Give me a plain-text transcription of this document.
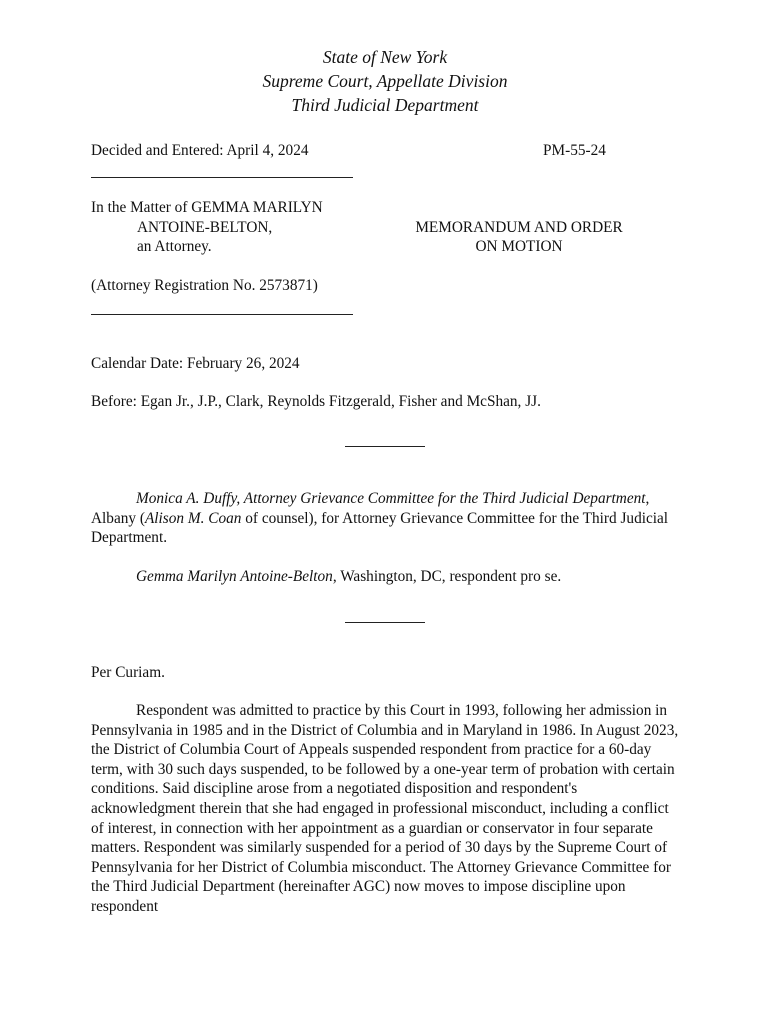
State of New York
Supreme Court, Appellate Division
Third Judicial Department
Decided and Entered: April 4, 2024	PM-55-24
In the Matter of GEMMA MARILYN
ANTOINE-BELTON,
an Attorney.
(Attorney Registration No. 2573871)
MEMORANDUM AND ORDER
ON MOTION
Calendar Date: February 26, 2024
Before: Egan Jr., J.P., Clark, Reynolds Fitzgerald, Fisher and McShan, JJ.
Monica A. Duffy, Attorney Grievance Committee for the Third Judicial Department, Albany (Alison M. Coan of counsel), for Attorney Grievance Committee for the Third Judicial Department.
Gemma Marilyn Antoine-Belton, Washington, DC, respondent pro se.
Per Curiam.
Respondent was admitted to practice by this Court in 1993, following her admission in Pennsylvania in 1985 and in the District of Columbia and in Maryland in 1986. In August 2023, the District of Columbia Court of Appeals suspended respondent from practice for a 60-day term, with 30 such days suspended, to be followed by a one-year term of probation with certain conditions. Said discipline arose from a negotiated disposition and respondent's acknowledgment therein that she had engaged in professional misconduct, including a conflict of interest, in connection with her appointment as a guardian or conservator in four separate matters. Respondent was similarly suspended for a period of 30 days by the Supreme Court of Pennsylvania for her District of Columbia misconduct. The Attorney Grievance Committee for the Third Judicial Department (hereinafter AGC) now moves to impose discipline upon respondent
